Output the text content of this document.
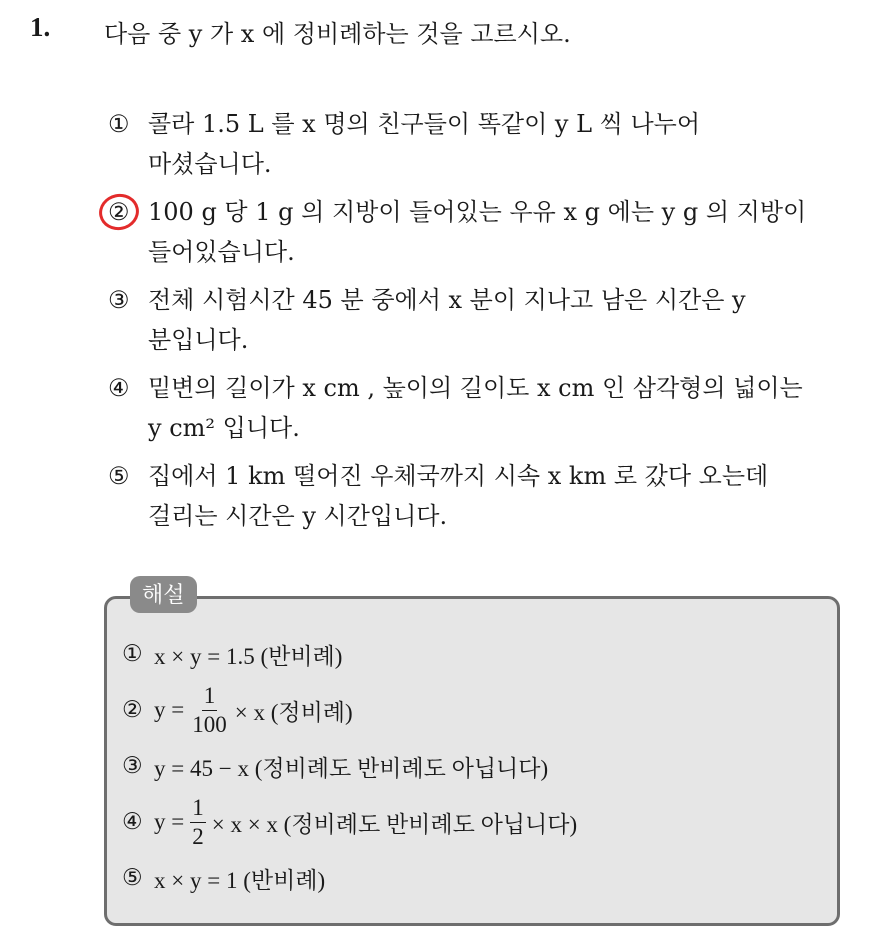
1. 다음 중 y 가 x 에 정비례하는 것을 고르시오.
① 콜라 1.5 L 를 x 명의 친구들이 똑같이 y L 씩 나누어
마셨습니다.
② 100 g 당 1 g 의 지방이 들어있는 우유 x g 에는 y g 의 지방이
들어있습니다.
③ 전체 시험시간 45 분 중에서 x 분이 지나고 남은 시간은 y
분입니다.
④ 밑변의 길이가 x cm , 높이의 길이도 x cm 인 삼각형의 넓이는
y cm² 입니다.
⑤ 집에서 1 km 떨어진 우체국까지 시속 x km 로 갔다 오는데
걸리는 시간은 y 시간입니다.
해설
① x × y = 1.5 (반비례)
② $y = \frac{1}{100} \times x$ (정비례)
③ y = 45 − x (정비례도 반비례도 아닙니다)
④ $y = \frac{1}{2} \times x \times x$ (정비례도 반비례도 아닙니다)
⑤ x × y = 1 (반비례)
